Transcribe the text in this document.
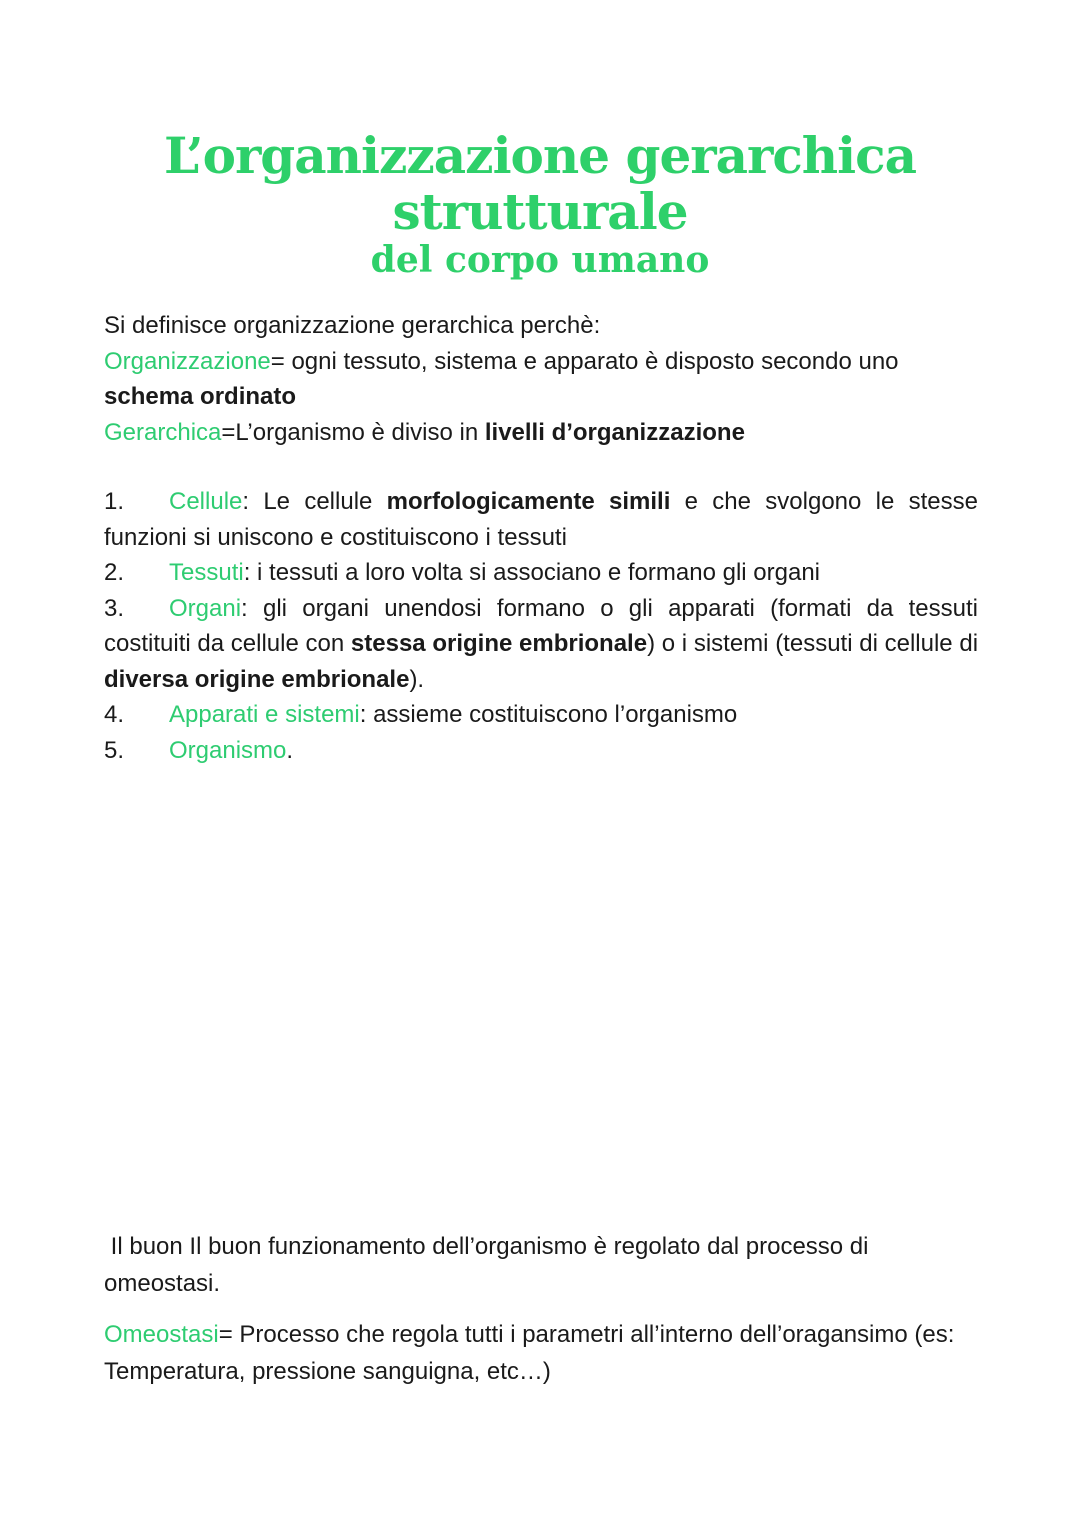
L’organizzazione gerarchica
strutturale
del corpo umano

Si definisce organizzazione gerarchica perchè:

Organizzazione= ogni tessuto, sistema e apparato è disposto secondo uno schema ordinato

Gerarchica=L’organismo è diviso in livelli d’organizzazione

1. Cellule: Le cellule morfologicamente simili e che svolgono le stesse funzioni si uniscono e costituiscono i tessuti
2. Tessuti: i tessuti a loro volta si associano e formano gli organi
3. Organi: gli organi unendosi formano o gli apparati (formati da tessuti costituiti da cellule con stessa origine embrionale) o i sistemi (tessuti di cellule di diversa origine embrionale).
4. Apparati e sistemi: assieme costituiscono l’organismo
5. Organismo.

Il buon Il buon funzionamento dell’organismo è regolato dal processo di omeostasi.

Omeostasi= Processo che regola tutti i parametri all’interno dell’oragansimo (es: Temperatura, pressione sanguigna, etc…)
